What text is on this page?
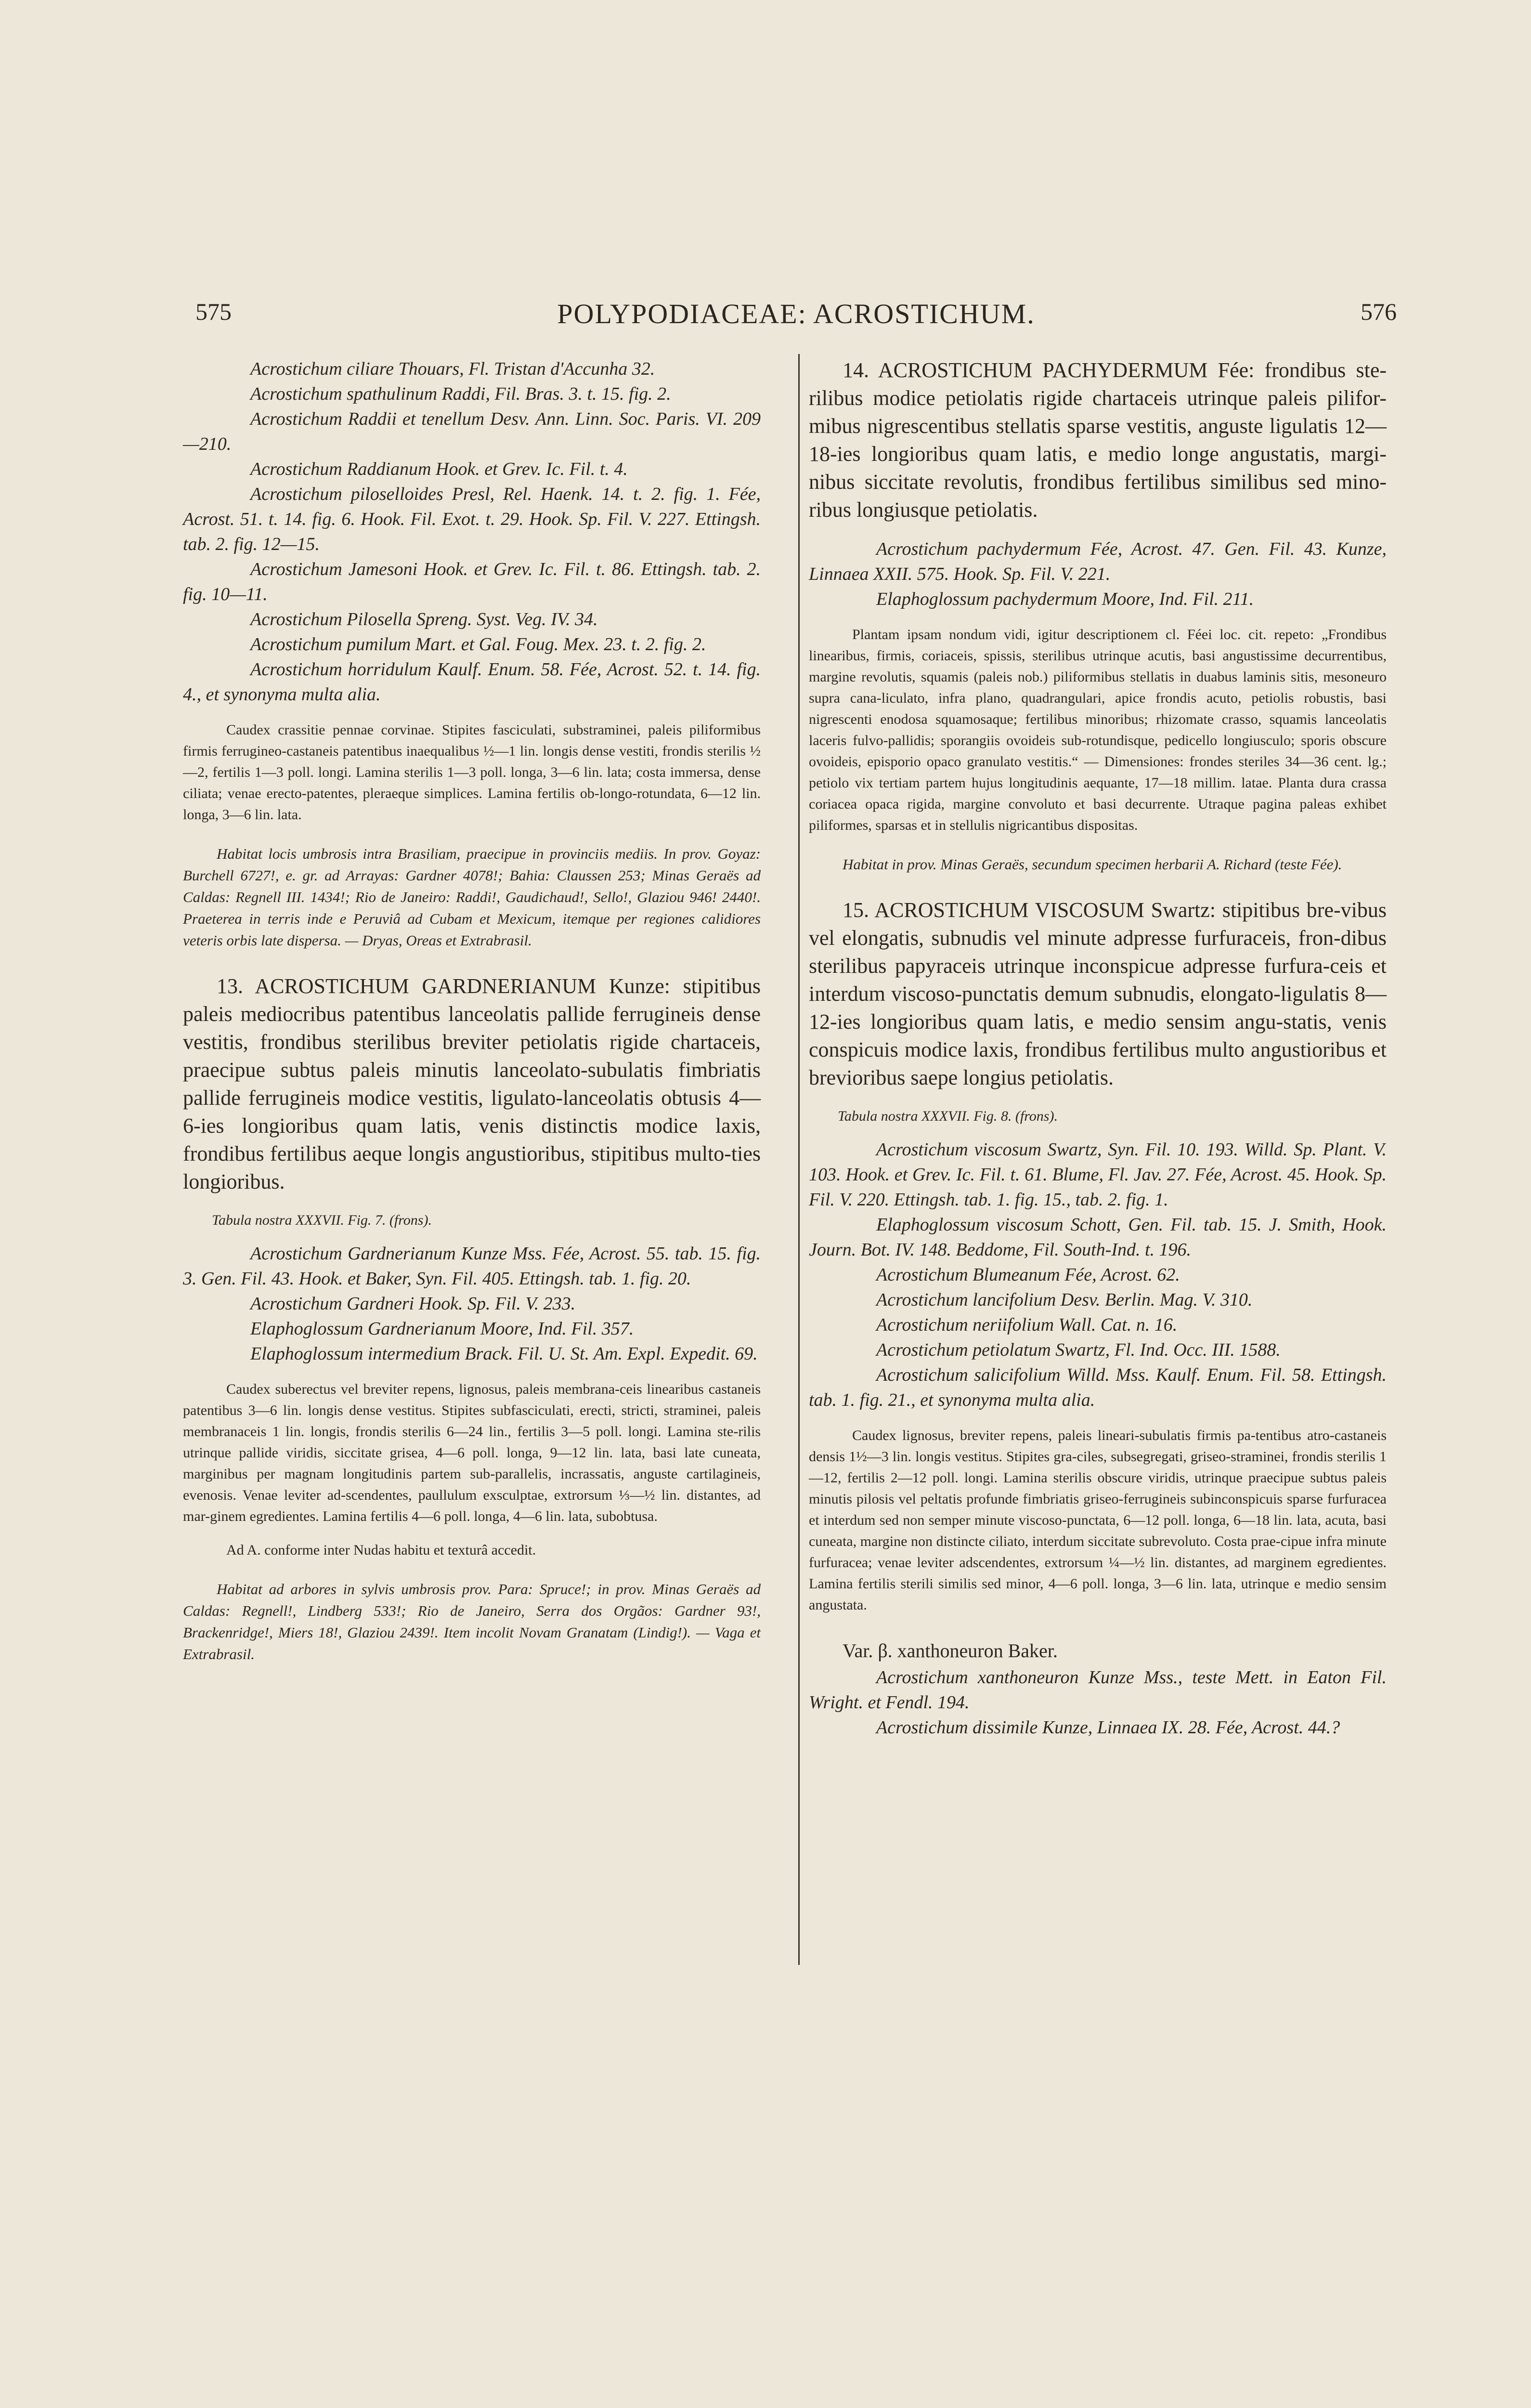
575	POLYPODIACEAE: ACROSTICHUM.	576

Acrostichum ciliare Thouars, Fl. Tristan d'Accunha 32.

Acrostichum spathulinum Raddi, Fil. Bras. 3. t. 15. fig. 2.

Acrostichum Raddii et tenellum Desv. Ann. Linn. Soc. Paris. VI. 209—210.

Acrostichum Raddianum Hook. et Grev. Ic. Fil. t. 4.

Acrostichum piloselloides Presl, Rel. Haenk. 14. t. 2. fig. 1. Fée, Acrost. 51. t. 14. fig. 6. Hook. Fil. Exot. t. 29. Hook. Sp. Fil. V. 227. Ettingsh. tab. 2. fig. 12—15.

Acrostichum Jamesoni Hook. et Grev. Ic. Fil. t. 86. Ettingsh. tab. 2. fig. 10—11.

Acrostichum Pilosella Spreng. Syst. Veg. IV. 34.

Acrostichum pumilum Mart. et Gal. Foug. Mex. 23. t. 2. fig. 2.

Acrostichum horridulum Kaulf. Enum. 58. Fée, Acrost. 52. t. 14. fig. 4., et synonyma multa alia.

Caudex crassitie pennae corvinae. Stipites fasciculati, substraminei, paleis piliformibus firmis ferrugineo-castaneis patentibus inaequalibus ½—1 lin. longis dense vestiti, frondis sterilis ½—2, fertilis 1—3 poll. longi. Lamina sterilis 1—3 poll. longa, 3—6 lin. lata; costa immersa, dense ciliata; venae erecto-patentes, pleraeque simplices. Lamina fertilis ob-longo-rotundata, 6—12 lin. longa, 3—6 lin. lata.

Habitat locis umbrosis intra Brasiliam, praecipue in provinciis mediis. In prov. Goyaz: Burchell 6727!, e. gr. ad Arrayas: Gardner 4078!; Bahia: Claussen 253; Minas Geraës ad Caldas: Regnell III. 1434!; Rio de Janeiro: Raddi!, Gaudichaud!, Sello!, Glaziou 946! 2440!. Praeterea in terris inde e Peruviâ ad Cubam et Mexicum, itemque per regiones calidiores veteris orbis late dispersa. — Dryas, Oreas et Extrabrasil.

13. ACROSTICHUM GARDNERIANUM Kunze: stipitibus paleis mediocribus patentibus lanceolatis pallide ferrugineis dense vestitis, frondibus sterilibus breviter petiolatis rigide chartaceis, praecipue subtus paleis minutis lanceolato-subulatis fimbriatis pallide ferrugineis modice vestitis, ligulato-lanceolatis obtusis 4—6-ies longioribus quam latis, venis distinctis modice laxis, frondibus fertilibus aeque longis angustioribus, stipitibus multo-ties longioribus.

Tabula nostra XXXVII. Fig. 7. (frons).

Acrostichum Gardnerianum Kunze Mss. Fée, Acrost. 55. tab. 15. fig. 3. Gen. Fil. 43. Hook. et Baker, Syn. Fil. 405. Ettingsh. tab. 1. fig. 20.

Acrostichum Gardneri Hook. Sp. Fil. V. 233.

Elaphoglossum Gardnerianum Moore, Ind. Fil. 357.

Elaphoglossum intermedium Brack. Fil. U. St. Am. Expl. Expedit. 69.

Caudex suberectus vel breviter repens, lignosus, paleis membrana-ceis linearibus castaneis patentibus 3—6 lin. longis dense vestitus. Stipites subfasciculati, erecti, stricti, straminei, paleis membranaceis 1 lin. longis, frondis sterilis 6—24 lin., fertilis 3—5 poll. longi. Lamina ste-rilis utrinque pallide viridis, siccitate grisea, 4—6 poll. longa, 9—12 lin. lata, basi late cuneata, marginibus per magnam longitudinis partem sub-parallelis, incrassatis, anguste cartilagineis, evenosis. Venae leviter ad-scendentes, paullulum exsculptae, extrorsum ⅓—½ lin. distantes, ad mar-ginem egredientes. Lamina fertilis 4—6 poll. longa, 4—6 lin. lata, subobtusa.

Ad A. conforme inter Nudas habitu et texturâ accedit.

Habitat ad arbores in sylvis umbrosis prov. Para: Spruce!; in prov. Minas Geraës ad Caldas: Regnell!, Lindberg 533!; Rio de Janeiro, Serra dos Orgãos: Gardner 93!, Brackenridge!, Miers 18!, Glaziou 2439!. Item incolit Novam Granatam (Lindig!). — Vaga et Extrabrasil.

14. ACROSTICHUM PACHYDERMUM Fée: frondibus ste-rilibus modice petiolatis rigide chartaceis utrinque paleis pilifor-mibus nigrescentibus stellatis sparse vestitis, anguste ligulatis 12—18-ies longioribus quam latis, e medio longe angustatis, margi-nibus siccitate revolutis, frondibus fertilibus similibus sed mino-ribus longiusque petiolatis.

Acrostichum pachydermum Fée, Acrost. 47. Gen. Fil. 43. Kunze, Linnaea XXII. 575. Hook. Sp. Fil. V. 221.

Elaphoglossum pachydermum Moore, Ind. Fil. 211.

Plantam ipsam nondum vidi, igitur descriptionem cl. Féei loc. cit. repeto: „Frondibus linearibus, firmis, coriaceis, spissis, sterilibus utrinque acutis, basi angustissime decurrentibus, margine revolutis, squamis (paleis nob.) piliformibus stellatis in duabus laminis sitis, mesoneuro supra cana-liculato, infra plano, quadrangulari, apice frondis acuto, petiolis robustis, basi nigrescenti enodosa squamosaque; fertilibus minoribus; rhizomate crasso, squamis lanceolatis laceris fulvo-pallidis; sporangiis ovoideis sub-rotundisque, pedicello longiusculo; sporis obscure ovoideis, episporio opaco granulato vestitis.“ — Dimensiones: frondes steriles 34—36 cent. lg.; petiolo vix tertiam partem hujus longitudinis aequante, 17—18 millim. latae. Planta dura crassa coriacea opaca rigida, margine convoluto et basi decurrente. Utraque pagina paleas exhibet piliformes, sparsas et in stellulis nigricantibus dispositas.

Habitat in prov. Minas Geraës, secundum specimen herbarii A. Richard (teste Fée).

15. ACROSTICHUM VISCOSUM Swartz: stipitibus bre-vibus vel elongatis, subnudis vel minute adpresse furfuraceis, fron-dibus sterilibus papyraceis utrinque inconspicue adpresse furfura-ceis et interdum viscoso-punctatis demum subnudis, elongato-ligulatis 8—12-ies longioribus quam latis, e medio sensim angu-statis, venis conspicuis modice laxis, frondibus fertilibus multo angustioribus et brevioribus saepe longius petiolatis.

Tabula nostra XXXVII. Fig. 8. (frons).

Acrostichum viscosum Swartz, Syn. Fil. 10. 193. Willd. Sp. Plant. V. 103. Hook. et Grev. Ic. Fil. t. 61. Blume, Fl. Jav. 27. Fée, Acrost. 45. Hook. Sp. Fil. V. 220. Ettingsh. tab. 1. fig. 15., tab. 2. fig. 1.

Elaphoglossum viscosum Schott, Gen. Fil. tab. 15. J. Smith, Hook. Journ. Bot. IV. 148. Beddome, Fil. South-Ind. t. 196.

Acrostichum Blumeanum Fée, Acrost. 62.

Acrostichum lancifolium Desv. Berlin. Mag. V. 310.

Acrostichum neriifolium Wall. Cat. n. 16.

Acrostichum petiolatum Swartz, Fl. Ind. Occ. III. 1588.

Acrostichum salicifolium Willd. Mss. Kaulf. Enum. Fil. 58. Ettingsh. tab. 1. fig. 21., et synonyma multa alia.

Caudex lignosus, breviter repens, paleis lineari-subulatis firmis pa-tentibus atro-castaneis densis 1½—3 lin. longis vestitus. Stipites gra-ciles, subsegregati, griseo-straminei, frondis sterilis 1—12, fertilis 2—12 poll. longi. Lamina sterilis obscure viridis, utrinque praecipue subtus paleis minutis pilosis vel peltatis profunde fimbriatis griseo-ferrugineis subinconspicuis sparse furfuracea et interdum sed non semper minute viscoso-punctata, 6—12 poll. longa, 6—18 lin. lata, acuta, basi cuneata, margine non distincte ciliato, interdum siccitate subrevoluto. Costa prae-cipue infra minute furfuracea; venae leviter adscendentes, extrorsum ¼—½ lin. distantes, ad marginem egredientes. Lamina fertilis sterili similis sed minor, 4—6 poll. longa, 3—6 lin. lata, utrinque e medio sensim angustata.

Var. β. xanthoneuron Baker.

Acrostichum xanthoneuron Kunze Mss., teste Mett. in Eaton Fil. Wright. et Fendl. 194.

Acrostichum dissimile Kunze, Linnaea IX. 28. Fée, Acrost. 44.?
